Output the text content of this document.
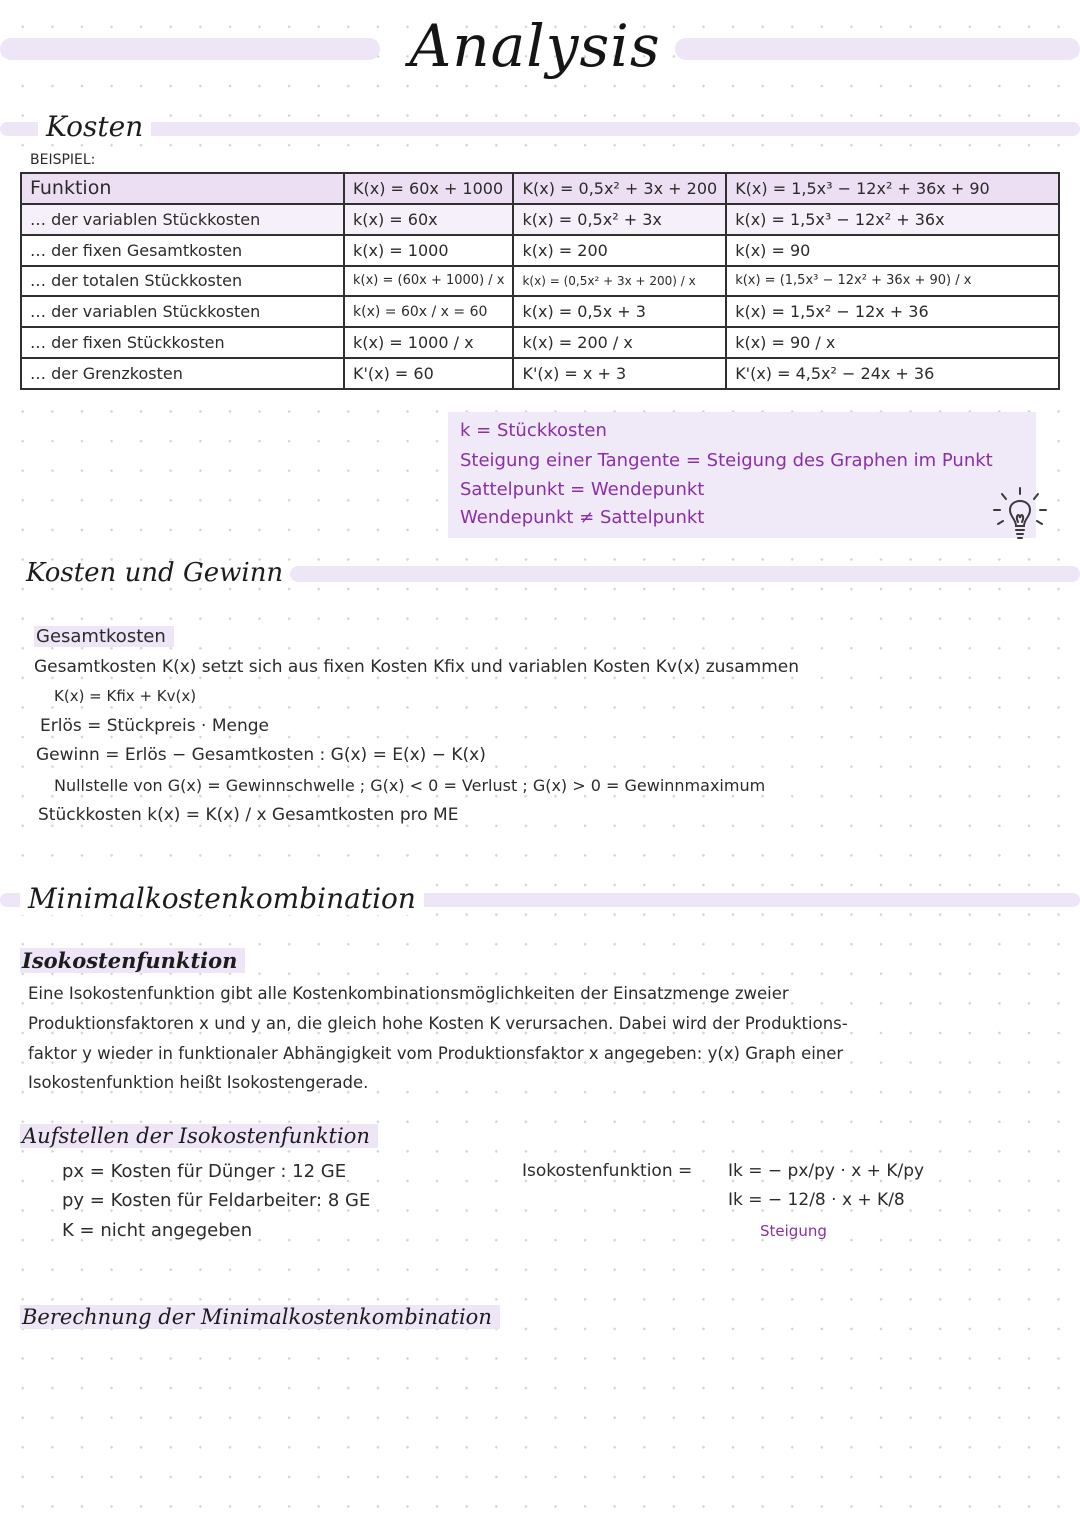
Analysis
Kosten
BEISPIEL:
Funktion	K(x) = 60x + 1000	K(x) = 0,5x² + 3x + 200	K(x) = 1,5x³ − 12x² + 36x + 90
… der variablen Stückkosten	k(x) = 60x	k(x) = 0,5x² + 3x	k(x) = 1,5x³ − 12x² + 36x
… der fixen Gesamtkosten	k(x) = 1000	k(x) = 200	k(x) = 90
… der totalen Stückkosten	k(x) = (60x + 1000) / x	k(x) = (0,5x² + 3x + 200) / x	k(x) = (1,5x³ − 12x² + 36x + 90) / x
… der variablen Stückkosten	k(x) = 60x / x = 60	k(x) = 0,5x + 3	k(x) = 1,5x² − 12x + 36
… der fixen Stückkosten	k(x) = 1000 / x	k(x) = 200 / x	k(x) = 90 / x
… der Grenzkosten	K'(x) = 60	K'(x) = x + 3	K'(x) = 4,5x² − 24x + 36
k = Stückkosten
Steigung einer Tangente = Steigung des Graphen im Punkt
Sattelpunkt = Wendepunkt
Wendepunkt ≠ Sattelpunkt
Kosten und Gewinn
Gesamtkosten
Gesamtkosten K(x) setzt sich aus fixen Kosten Kfix und variablen Kosten Kv(x) zusammen
K(x) = Kfix + Kv(x)
Erlös = Stückpreis · Menge
Gewinn = Erlös − Gesamtkosten : G(x) = E(x) − K(x)
Nullstelle von G(x) = Gewinnschwelle ; G(x) < 0 = Verlust ; G(x) > 0 = Gewinnmaximum
Stückkosten k(x) = K(x) / x Gesamtkosten pro ME
Minimalkostenkombination
Isokostenfunktion
Eine Isokostenfunktion gibt alle Kostenkombinationsmöglichkeiten der Einsatzmenge zweier
Produktionsfaktoren x und y an, die gleich hohe Kosten K verursachen. Dabei wird der Produktions-
faktor y wieder in funktionaler Abhängigkeit vom Produktionsfaktor x angegeben: y(x) Graph einer
Isokostenfunktion heißt Isokostengerade.
Aufstellen der Isokostenfunktion
px = Kosten für Dünger : 12 GE
py = Kosten für Feldarbeiter: 8 GE
K = nicht angegeben
Isokostenfunktion = Ik = − px/py · x + K/py
Ik = − 12/8 · x + K/8
Steigung
Berechnung der Minimalkostenkombination
